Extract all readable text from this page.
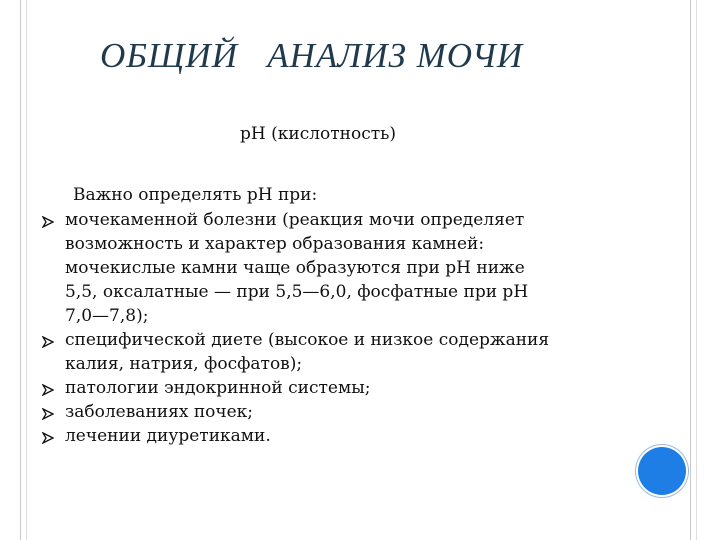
ОБЩИЙ   АНАЛИЗ МОЧИ
pH (кислотность)
Важно определять рН при:
мочекаменной болезни (реакция мочи определяет
возможность и характер образования камней:
мочекислые камни чаще образуются при рН ниже
5,5, оксалатные — при 5,5—6,0, фосфатные при рН
7,0—7,8);
специфической диете (высокое и низкое содержания
калия, натрия, фосфатов);
патологии эндокринной системы;
заболеваниях почек;
лечении диуретиками.
